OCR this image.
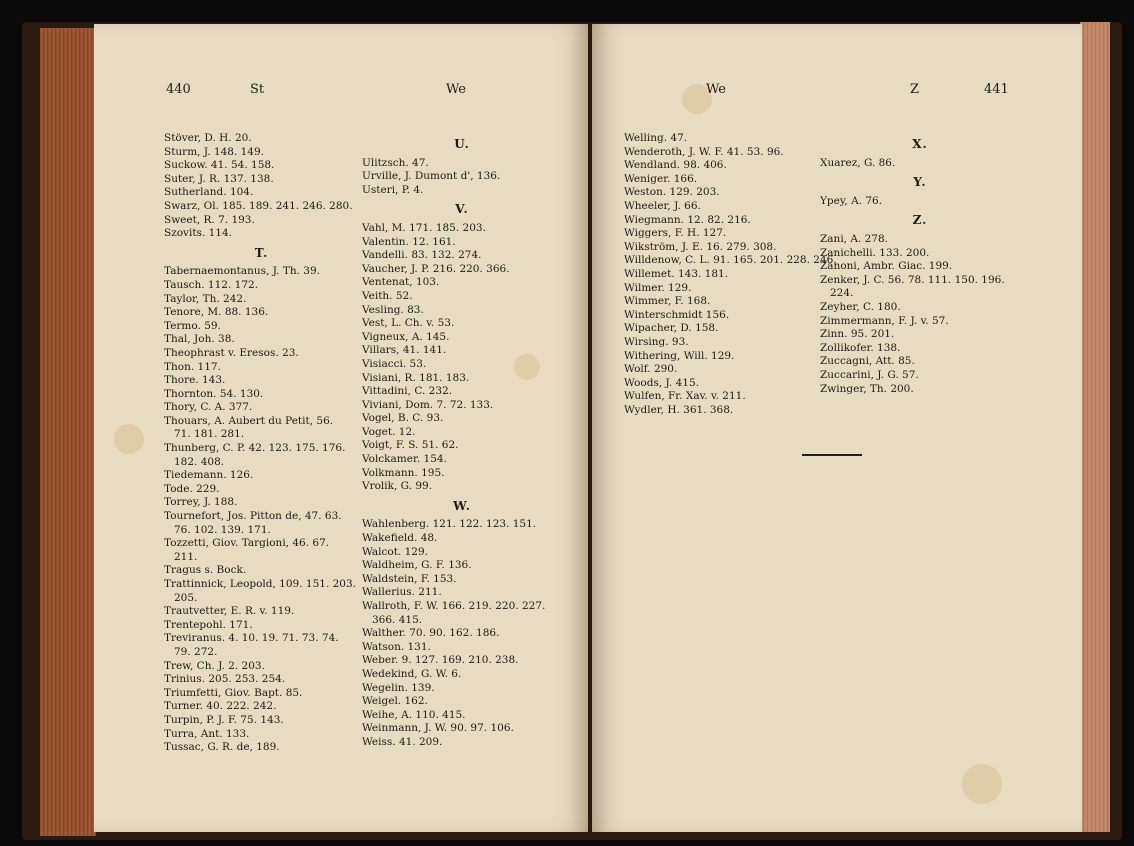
440	St	We
Stöver, D. H. 20.
Sturm, J. 148. 149.
Suckow. 41. 54. 158.
Suter, J. R. 137. 138.
Sutherland. 104.
Swarz, Ol. 185. 189. 241. 246. 280.
Sweet, R. 7. 193.
Szovits. 114.
T.
Tabernaemontanus, J. Th. 39.
Tausch. 112. 172.
Taylor, Th. 242.
Tenore, M. 88. 136.
Termo. 59.
Thal, Joh. 38.
Theophrast v. Eresos. 23.
Thon. 117.
Thore. 143.
Thornton. 54. 130.
Thory, C. A. 377.
Thouars, A. Aubert du Petit, 56.
71. 181. 281.
Thunberg, C. P. 42. 123. 175. 176.
182. 408.
Tiedemann. 126.
Tode. 229.
Torrey, J. 188.
Tournefort, Jos. Pitton de, 47. 63.
76. 102. 139. 171.
Tozzetti, Giov. Targioni, 46. 67.
211.
Tragus s. Bock.
Trattinnick, Leopold, 109. 151. 203.
205.
Trautvetter, E. R. v. 119.
Trentepohl. 171.
Treviranus. 4. 10. 19. 71. 73. 74.
79. 272.
Trew, Ch. J. 2. 203.
Trinius. 205. 253. 254.
Triumfetti, Giov. Bapt. 85.
Turner. 40. 222. 242.
Turpin, P. J. F. 75. 143.
Turra, Ant. 133.
Tussac, G. R. de, 189.
U.
Ulitzsch. 47.
Urville, J. Dumont d', 136.
Usteri, P. 4.
V.
Vahl, M. 171. 185. 203.
Valentin. 12. 161.
Vandelli. 83. 132. 274.
Vaucher, J. P. 216. 220. 366.
Ventenat, 103.
Veith. 52.
Vesling. 83.
Vest, L. Ch. v. 53.
Vigneux, A. 145.
Villars, 41. 141.
Visiacci. 53.
Visiani, R. 181. 183.
Vittadini, C. 232.
Viviani, Dom. 7. 72. 133.
Vogel, B. C. 93.
Voget. 12.
Voigt, F. S. 51. 62.
Volckamer. 154.
Volkmann. 195.
Vrolik, G. 99.
W.
Wahlenberg. 121. 122. 123. 151.
Wakefield. 48.
Walcot. 129.
Waldheim, G. F. 136.
Waldstein, F. 153.
Wallerius. 211.
Wallroth, F. W. 166. 219. 220. 227.
366. 415.
Walther. 70. 90. 162. 186.
Watson. 131.
Weber. 9. 127. 169. 210. 238.
Wedekind, G. W. 6.
Wegelin. 139.
Weigel. 162.
Weihe, A. 110. 415.
Weinmann, J. W. 90. 97. 106.
Weiss. 41. 209.
We	Z	441
Welling. 47.
Wenderoth, J. W. F. 41. 53. 96.
Wendland. 98. 406.
Weniger. 166.
Weston. 129. 203.
Wheeler, J. 66.
Wiegmann. 12. 82. 216.
Wiggers, F. H. 127.
Wikström, J. E. 16. 279. 308.
Willdenow, C. L. 91. 165. 201. 228. 246.
Willemet. 143. 181.
Wilmer. 129.
Wimmer, F. 168.
Winterschmidt 156.
Wipacher, D. 158.
Wirsing. 93.
Withering, Will. 129.
Wolf. 290.
Woods, J. 415.
Wulfen, Fr. Xav. v. 211.
Wydler, H. 361. 368.
X.
Xuarez, G. 86.
Y.
Ypey, A. 76.
Z.
Zani, A. 278.
Zanichelli. 133. 200.
Zanoni, Ambr. Giac. 199.
Zenker, J. C. 56. 78. 111. 150. 196.
224.
Zeyher, C. 180.
Zimmermann, F. J. v. 57.
Zinn. 95. 201.
Zollikofer. 138.
Zuccagni, Att. 85.
Zuccarini, J. G. 57.
Zwinger, Th. 200.
